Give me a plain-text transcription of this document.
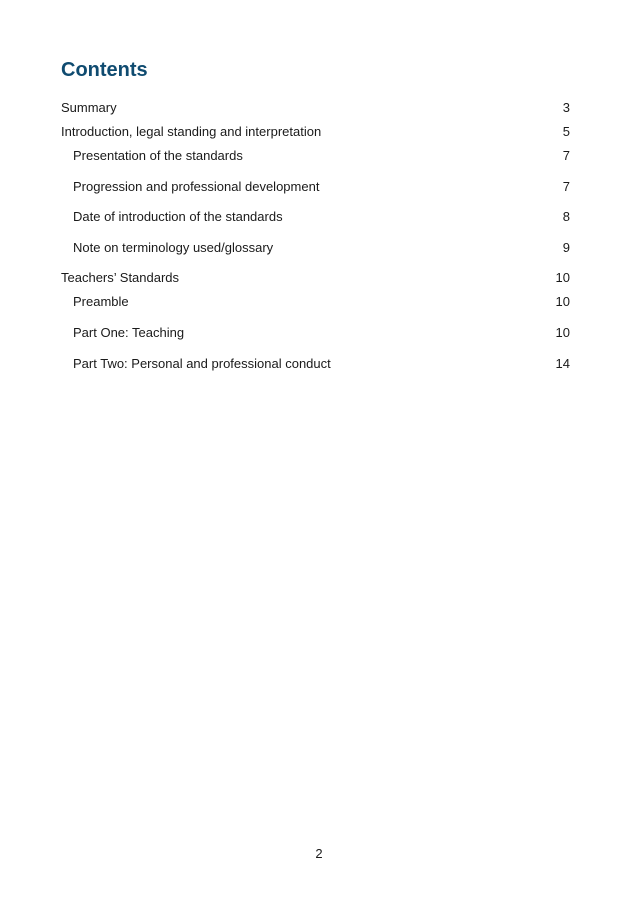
Contents
Summary	3
Introduction, legal standing and interpretation	5
Presentation of the standards	7
Progression and professional development	7
Date of introduction of the standards	8
Note on terminology used/glossary	9
Teachers’ Standards	10
Preamble	10
Part One: Teaching	10
Part Two: Personal and professional conduct	14
2
